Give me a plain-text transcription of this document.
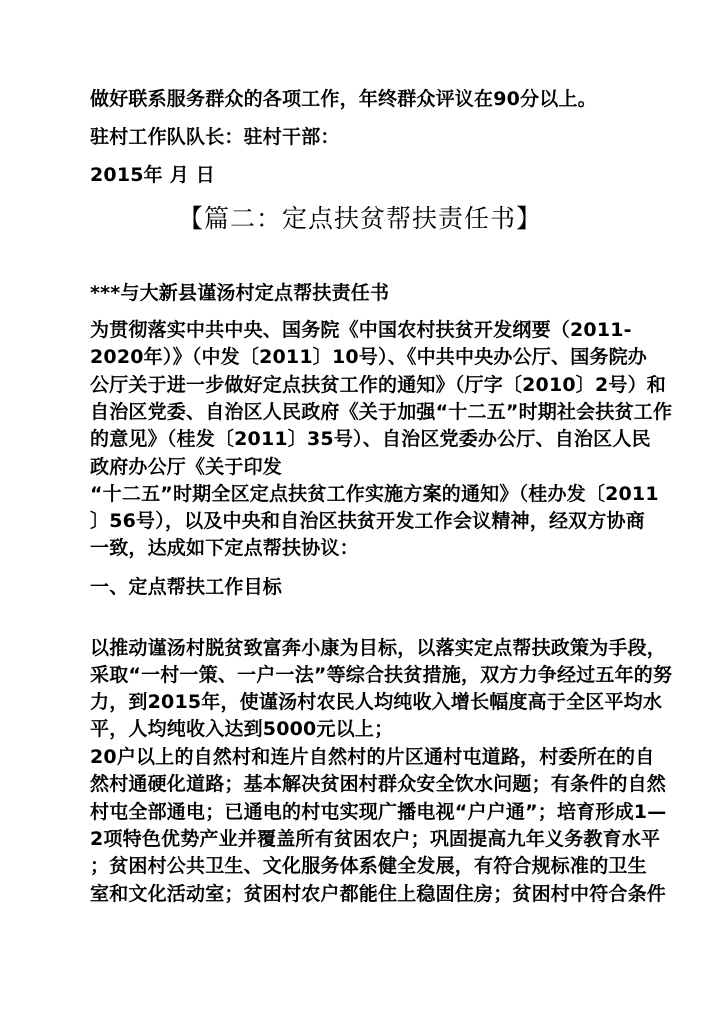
做好联系服务群众的各项工作，年终群众评议在90分以上。
驻村工作队队长：驻村干部：
2015年 月 日
【篇二：定点扶贫帮扶责任书】
***与大新县谨汤村定点帮扶责任书
为贯彻落实中共中央、国务院《中国农村扶贫开发纲要（2011-
2020年）》（中发〔2011〕10号）、《中共中央办公厅、国务院办
公厅关于进一步做好定点扶贫工作的通知》（厅字〔2010〕2号）和
自治区党委、自治区人民政府《关于加强“十二五”时期社会扶贫工作
的意见》（桂发〔2011〕35号）、自治区党委办公厅、自治区人民
政府办公厅《关于印发
“十二五”时期全区定点扶贫工作实施方案的通知》（桂办发〔2011
〕56号），以及中央和自治区扶贫开发工作会议精神，经双方协商
一致，达成如下定点帮扶协议：
一、定点帮扶工作目标
以推动谨汤村脱贫致富奔小康为目标，以落实定点帮扶政策为手段，
采取“一村一策、一户一法”等综合扶贫措施，双方力争经过五年的努
力，到2015年，使谨汤村农民人均纯收入增长幅度高于全区平均水
平，人均纯收入达到5000元以上；
20户以上的自然村和连片自然村的片区通村屯道路，村委所在的自
然村通硬化道路；基本解决贫困村群众安全饮水问题；有条件的自然
村屯全部通电；已通电的村屯实现广播电视“户户通”；培育形成1—
2项特色优势产业并覆盖所有贫困农户；巩固提高九年义务教育水平
；贫困村公共卫生、文化服务体系健全发展，有符合规标准的卫生
室和文化活动室；贫困村农户都能住上稳固住房；贫困村中符合条件
